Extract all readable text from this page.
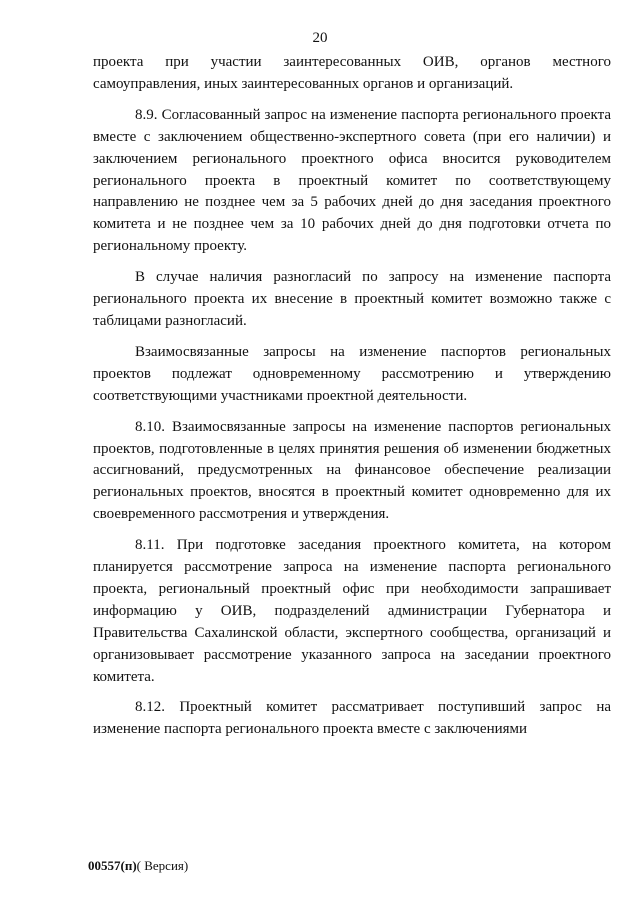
20

проекта при участии заинтересованных ОИВ, органов местного самоуправления, иных заинтересованных органов и организаций.

8.9. Согласованный запрос на изменение паспорта регионального проекта вместе с заключением общественно-экспертного совета (при его наличии) и заключением регионального проектного офиса вносится руководителем регионального проекта в проектный комитет по соответствующему направлению не позднее чем за 5 рабочих дней до дня заседания проектного комитета и не позднее чем за 10 рабочих дней до дня подготовки отчета по региональному проекту.

В случае наличия разногласий по запросу на изменение паспорта регионального проекта их внесение в проектный комитет возможно также с таблицами разногласий.

Взаимосвязанные запросы на изменение паспортов региональных проектов подлежат одновременному рассмотрению и утверждению соответствующими участниками проектной деятельности.

8.10. Взаимосвязанные запросы на изменение паспортов региональных проектов, подготовленные в целях принятия решения об изменении бюджетных ассигнований, предусмотренных на финансовое обеспечение реализации региональных проектов, вносятся в проектный комитет одновременно для их своевременного рассмотрения и утверждения.

8.11. При подготовке заседания проектного комитета, на котором планируется рассмотрение запроса на изменение паспорта регионального проекта, региональный проектный офис при необходимости запрашивает информацию у ОИВ, подразделений администрации Губернатора и Правительства Сахалинской области, экспертного сообщества, организаций и организовывает рассмотрение указанного запроса на заседании проектного комитета.

8.12. Проектный комитет рассматривает поступивший запрос на изменение паспорта регионального проекта вместе с заключениями

00557(п)( Версия)
